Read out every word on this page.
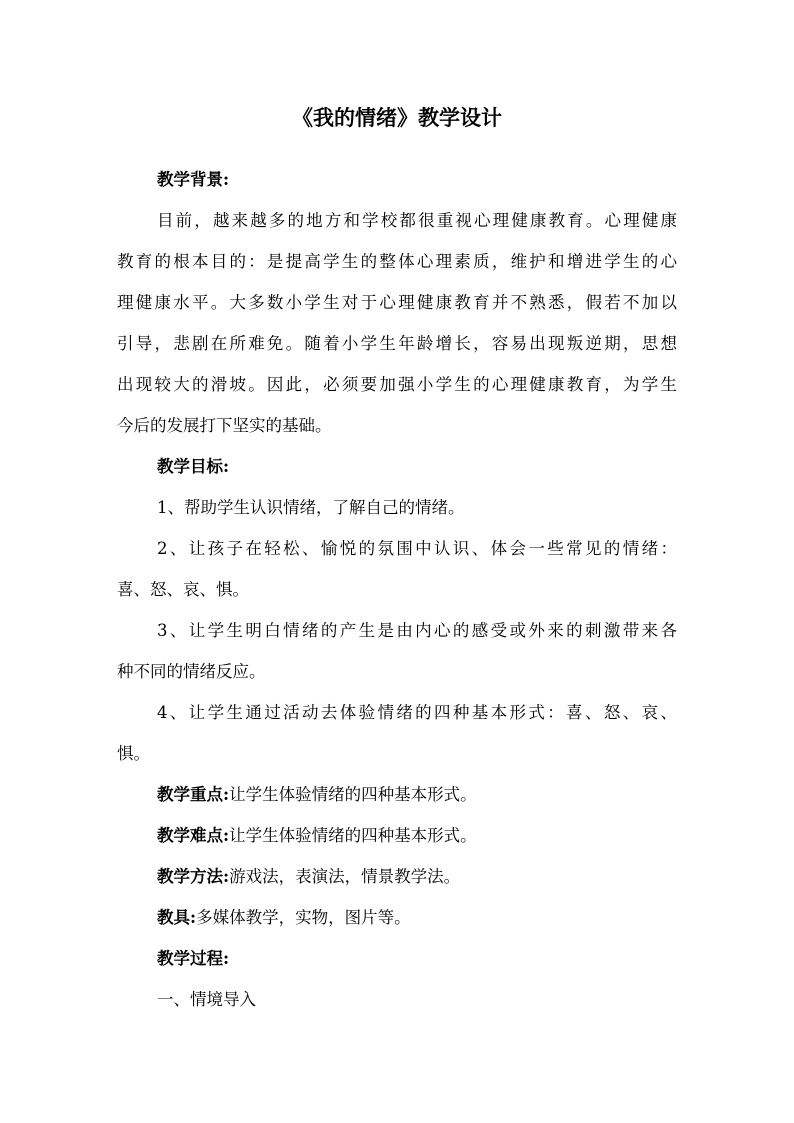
《我的情绪》教学设计
教学背景:
目前，越来越多的地方和学校都很重视心理健康教育。心理健康
教育的根本目的：是提高学生的整体心理素质，维护和增进学生的心
理健康水平。大多数小学生对于心理健康教育并不熟悉，假若不加以
引导，悲剧在所难免。随着小学生年龄增长，容易出现叛逆期，思想
出现较大的滑坡。因此，必须要加强小学生的心理健康教育，为学生
今后的发展打下坚实的基础。
教学目标:
1、帮助学生认识情绪，了解自己的情绪。
2、让孩子在轻松、愉悦的氛围中认识、体会一些常见的情绪：
喜、怒、哀、惧。
3、让学生明白情绪的产生是由内心的感受或外来的刺激带来各
种不同的情绪反应。
4、让学生通过活动去体验情绪的四种基本形式：喜、怒、哀、
惧。
教学重点:让学生体验情绪的四种基本形式。
教学难点:让学生体验情绪的四种基本形式。
教学方法:游戏法，表演法，情景教学法。
教具:多媒体教学，实物，图片等。
教学过程:
一、情境导入
